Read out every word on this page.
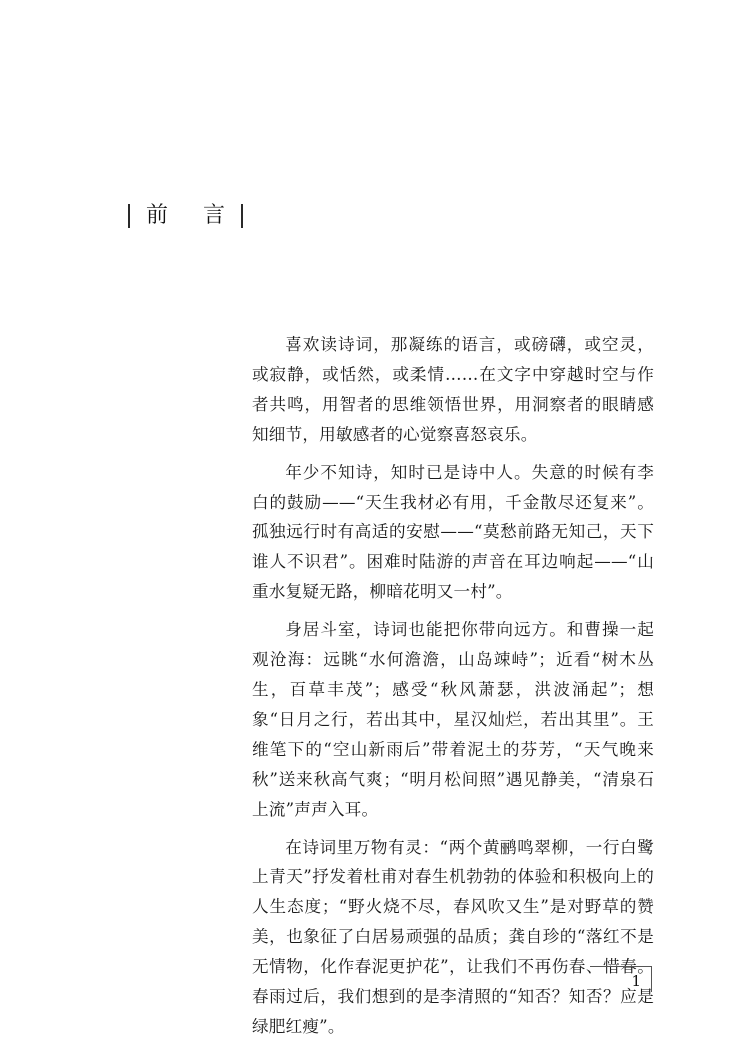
前 言

喜欢读诗词，那凝练的语言，或磅礴，或空灵，或寂静，或恬然，或柔情……在文字中穿越时空与作者共鸣，用智者的思维领悟世界，用洞察者的眼睛感知细节，用敏感者的心觉察喜怒哀乐。

年少不知诗，知时已是诗中人。失意的时候有李白的鼓励——“天生我材必有用，千金散尽还复来”。孤独远行时有高适的安慰——“莫愁前路无知己，天下谁人不识君”。困难时陆游的声音在耳边响起——“山重水复疑无路，柳暗花明又一村”。

身居斗室，诗词也能把你带向远方。和曹操一起观沧海：远眺“水何澹澹，山岛竦峙”；近看“树木丛生，百草丰茂”；感受“秋风萧瑟，洪波涌起”；想象“日月之行，若出其中，星汉灿烂，若出其里”。王维笔下的“空山新雨后”带着泥土的芬芳，“天气晚来秋”送来秋高气爽；“明月松间照”遇见静美，“清泉石上流”声声入耳。

在诗词里万物有灵：“两个黄鹂鸣翠柳，一行白鹭上青天”抒发着杜甫对春生机勃勃的体验和积极向上的人生态度；“野火烧不尽，春风吹又生”是对野草的赞美，也象征了白居易顽强的品质；龚自珍的“落红不是无情物，化作春泥更护花”，让我们不再伤春、惜春。春雨过后，我们想到的是李清照的“知否？知否？应是绿肥红瘦”。

1
